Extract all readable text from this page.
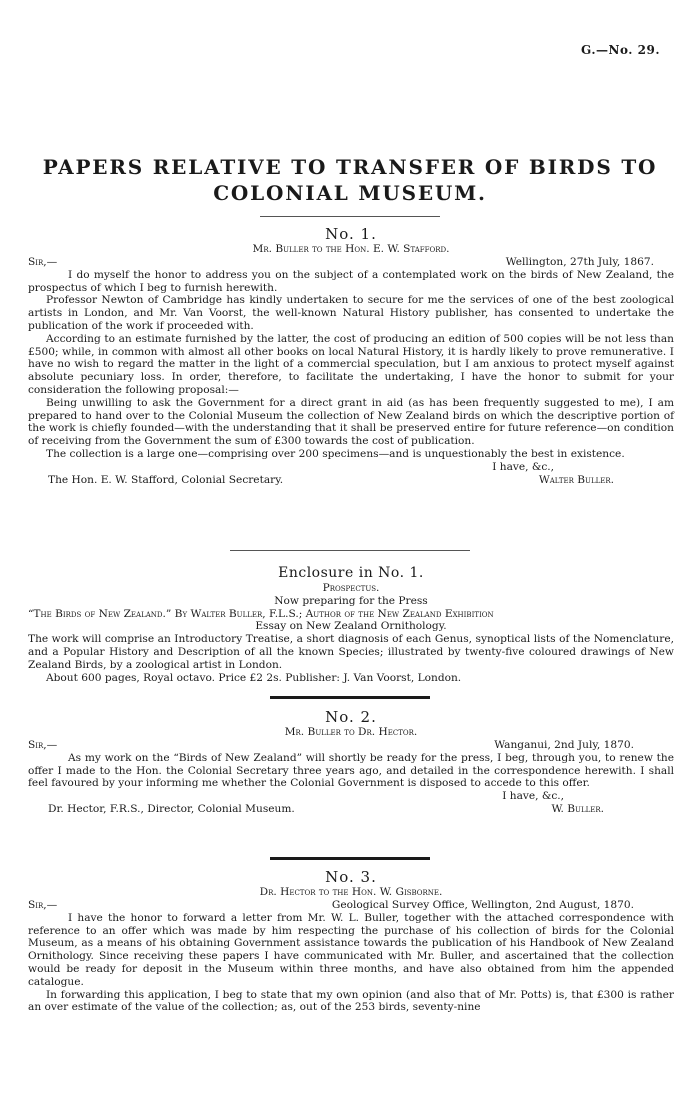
G.—No. 29.
PAPERS RELATIVE TO TRANSFER OF BIRDS TO
COLONIAL MUSEUM.
No. 1.
Mr. Buller to the Hon. E. W. Stafford.
Sir,—	Wellington, 27th July, 1867.

I do myself the honor to address you on the subject of a contemplated work on the birds of New Zealand, the prospectus of which I beg to furnish herewith.

Professor Newton of Cambridge has kindly undertaken to secure for me the services of one of the best zoological artists in London, and Mr. Van Voorst, the well-known Natural History publisher, has consented to undertake the publication of the work if proceeded with.

According to an estimate furnished by the latter, the cost of producing an edition of 500 copies will be not less than £500; while, in common with almost all other books on local Natural History, it is hardly likely to prove remunerative. I have no wish to regard the matter in the light of a commercial speculation, but I am anxious to protect myself against absolute pecuniary loss. In order, therefore, to facilitate the undertaking, I have the honor to submit for your consideration the following proposal:—

Being unwilling to ask the Government for a direct grant in aid (as has been frequently suggested to me), I am prepared to hand over to the Colonial Museum the collection of New Zealand birds on which the descriptive portion of the work is chiefly founded—with the understanding that it shall be preserved entire for future reference—on condition of receiving from the Government the sum of £300 towards the cost of publication.

The collection is a large one—comprising over 200 specimens—and is unquestionably the best in existence.

I have, &c.,
The Hon. E. W. Stafford, Colonial Secretary.	Walter Buller.
Enclosure in No. 1.
Prospectus.
Now preparing for the Press
“The Birds of New Zealand.” By Walter Buller, F.L.S.; Author of the New Zealand Exhibition
Essay on New Zealand Ornithology.

The work will comprise an Introductory Treatise, a short diagnosis of each Genus, synoptical lists of the Nomenclature, and a Popular History and Description of all the known Species; illustrated by twenty-five coloured drawings of New Zealand Birds, by a zoological artist in London.

About 600 pages, Royal octavo. Price £2 2s. Publisher: J. Van Voorst, London.

No. 2.
Mr. Buller to Dr. Hector.
Sir,—	Wanganui, 2nd July, 1870.

As my work on the “Birds of New Zealand” will shortly be ready for the press, I beg, through you, to renew the offer I made to the Hon. the Colonial Secretary three years ago, and detailed in the correspondence herewith. I shall feel favoured by your informing me whether the Colonial Government is disposed to accede to this offer.

I have, &c.,
Dr. Hector, F.R.S., Director, Colonial Museum.	W. Buller.
No. 3.
Dr. Hector to the Hon. W. Gisborne.
Sir,—	Geological Survey Office, Wellington, 2nd August, 1870.

I have the honor to forward a letter from Mr. W. L. Buller, together with the attached correspondence with reference to an offer which was made by him respecting the purchase of his collection of birds for the Colonial Museum, as a means of his obtaining Government assistance towards the publication of his Handbook of New Zealand Ornithology. Since receiving these papers I have communicated with Mr. Buller, and ascertained that the collection would be ready for deposit in the Museum within three months, and have also obtained from him the appended catalogue.

In forwarding this application, I beg to state that my own opinion (and also that of Mr. Potts) is, that £300 is rather an over estimate of the value of the collection; as, out of the 253 birds, seventy-nine
